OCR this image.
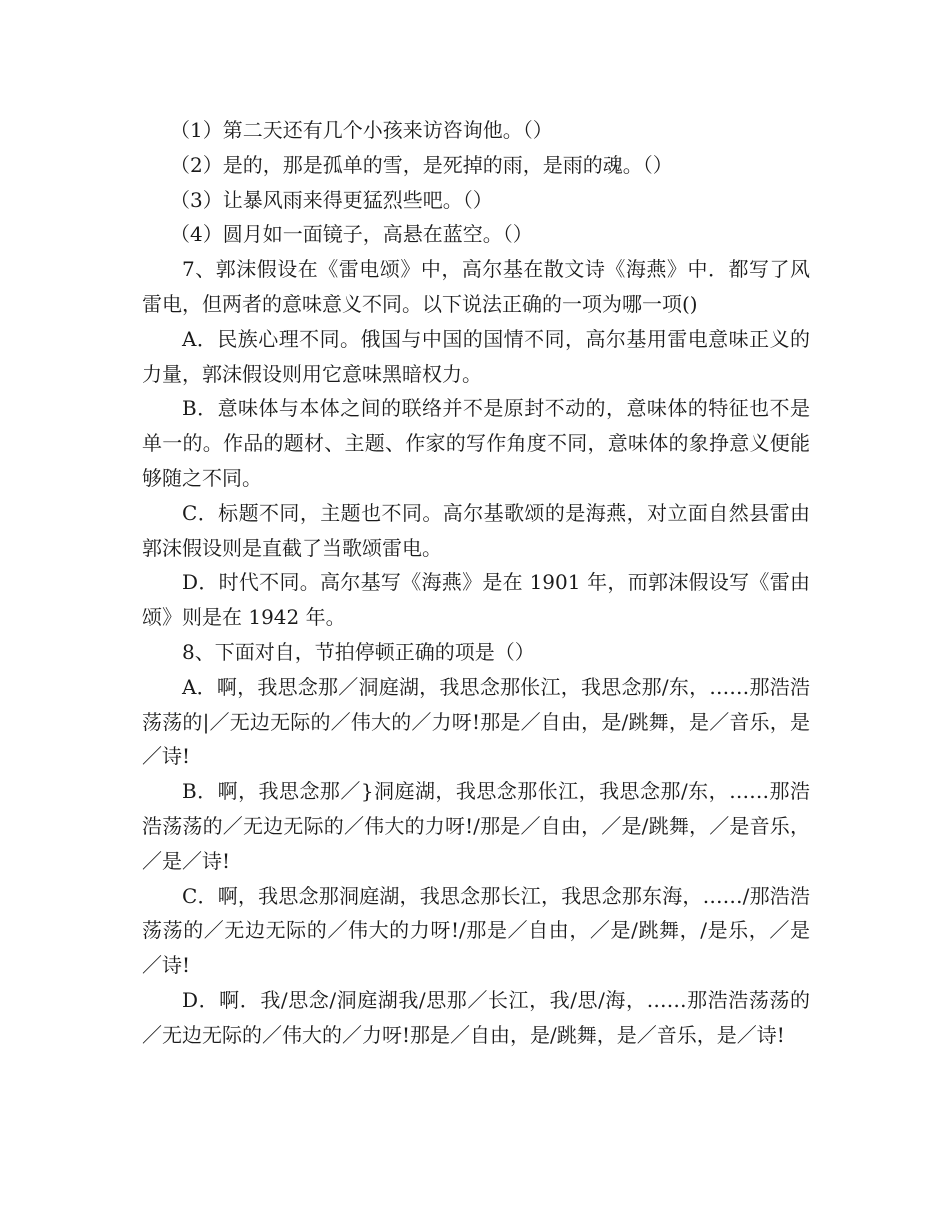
（1）第二天还有几个小孩来访咨询他。（）

（2）是的，那是孤单的雪，是死掉的雨，是雨的魂。（）

（3）让暴风雨来得更猛烈些吧。（）

（4）圆月如一面镜子，高悬在蓝空。（）

7、郭沫假设在《雷电颂》中，高尔基在散文诗《海燕》中．都写了风雷电，但两者的意味意义不同。以下说法正确的一项为哪一项()

A．民族心理不同。俄国与中国的国情不同，高尔基用雷电意味正义的力量，郭沫假设则用它意味黑暗权力。

B．意味体与本体之间的联络并不是原封不动的，意味体的特征也不是单一的。作品的题材、主题、作家的写作角度不同，意味体的象挣意义便能够随之不同。

C．标题不同，主题也不同。高尔基歌颂的是海燕，对立面自然县雷由郭沫假设则是直截了当歌颂雷电。

D．时代不同。高尔基写《海燕》是在 1901 年，而郭沫假设写《雷由颂》则是在 1942 年。

8、下面对自，节拍停顿正确的项是（）

A．啊，我思念那／洞庭湖，我思念那伥江，我思念那/东，……那浩浩荡荡的|／无边无际的／伟大的／力呀!那是／自由，是/跳舞，是／音乐，是／诗!

B．啊，我思念那／}洞庭湖，我思念那伥江，我思念那/东，……那浩浩荡荡的／无边无际的／伟大的力呀!/那是／自由，／是/跳舞，／是音乐，／是／诗!

C．啊，我思念那洞庭湖，我思念那长江，我思念那东海，……/那浩浩荡荡的／无边无际的／伟大的力呀!/那是／自由，／是/跳舞，/是乐，／是／诗!

D．啊．我/思念/洞庭湖我/思那／长江，我/思/海，……那浩浩荡荡的／无边无际的／伟大的／力呀!那是／自由，是/跳舞，是／音乐，是／诗!
